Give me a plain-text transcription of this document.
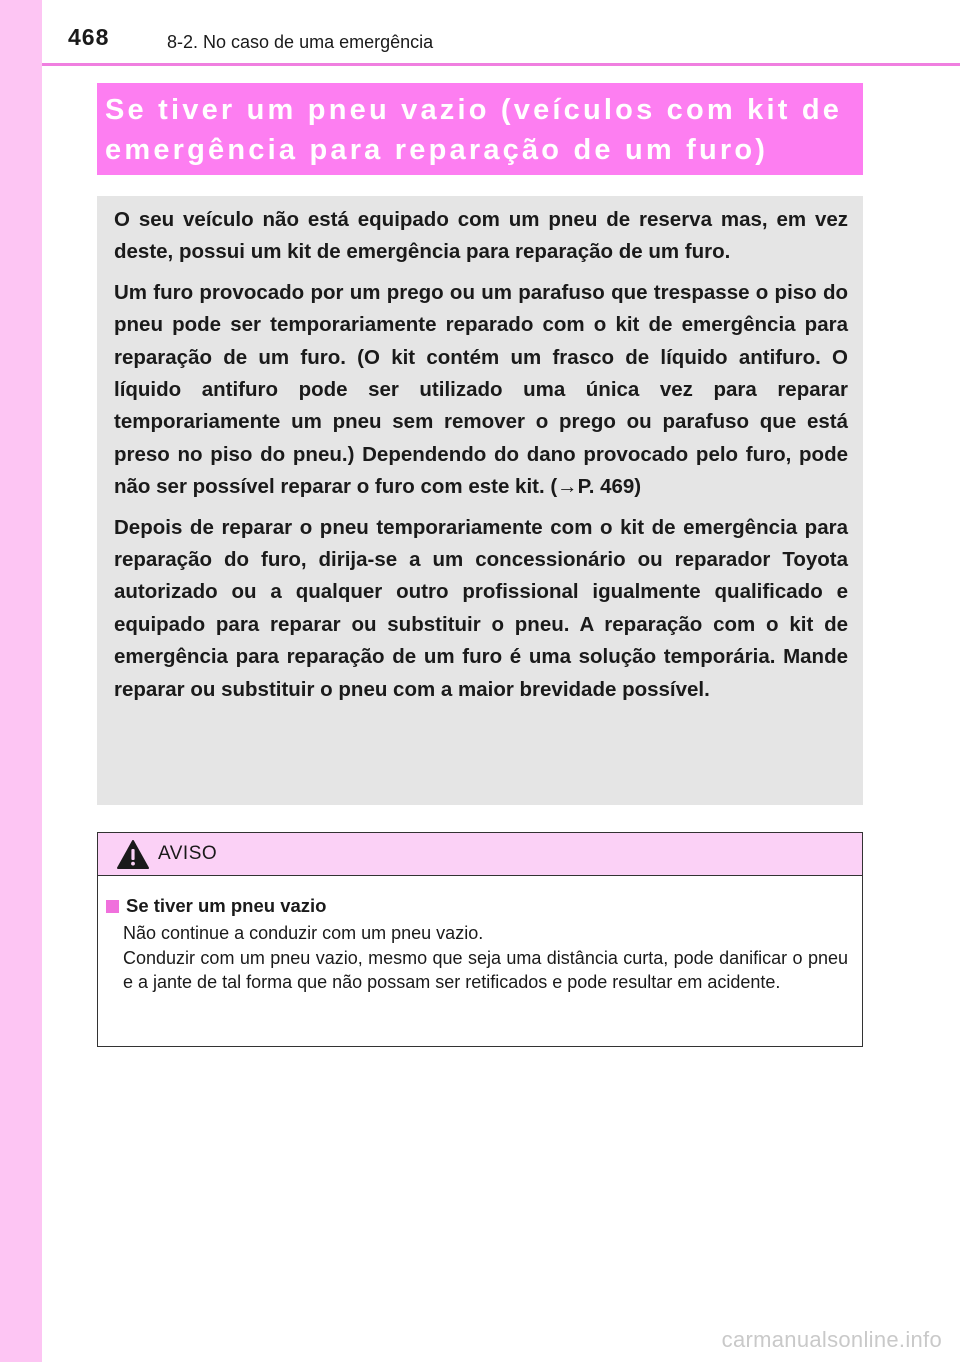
468	8-2. No caso de uma emergência

Se tiver um pneu vazio (veículos com kit de

emergência para reparação de um furo)

O seu veículo não está equipado com um pneu de reserva mas, em vez deste, possui um kit de emergência para reparação de um furo.

Um furo provocado por um prego ou um parafuso que trespasse o piso do pneu pode ser temporariamente reparado com o kit de emergência para reparação de um furo. (O kit contém um frasco de líquido antifuro. O líquido antifuro pode ser utilizado uma única vez para reparar temporariamente um pneu sem remover o prego ou parafuso que está preso no piso do pneu.) Dependendo do dano provocado pelo furo, pode não ser possível reparar o furo com este kit. (→P. 469)

Depois de reparar o pneu temporariamente com o kit de emergência para reparação do furo, dirija-se a um concessionário ou reparador Toyota autorizado ou a qualquer outro profissional igualmente qualificado e equipado para reparar ou substituir o pneu. A reparação com o kit de emergência para reparação de um furo é uma solução temporária. Mande reparar ou substituir o pneu com a maior brevidade possível.

AVISO
Se tiver um pneu vazio

Não continue a conduzir com um pneu vazio.

Conduzir com um pneu vazio, mesmo que seja uma distância curta, pode danificar o pneu e a jante de tal forma que não possam ser retificados e pode resultar em acidente.

carmanualsonline.info
